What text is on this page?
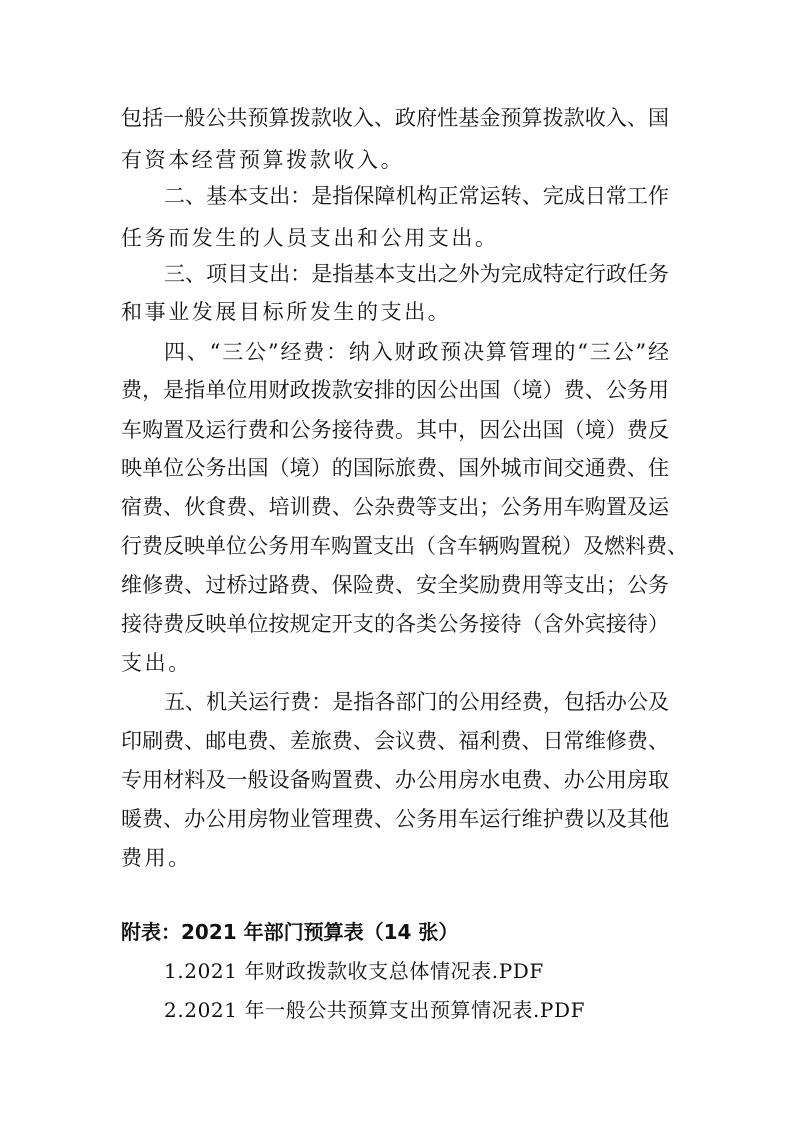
包括一般公共预算拨款收入、政府性基金预算拨款收入、国
有资本经营预算拨款收入。
二、基本支出：是指保障机构正常运转、完成日常工作
任务而发生的人员支出和公用支出。
三、项目支出：是指基本支出之外为完成特定行政任务
和事业发展目标所发生的支出。
四、“三公”经费：纳入财政预决算管理的“三公”经
费，是指单位用财政拨款安排的因公出国（境）费、公务用
车购置及运行费和公务接待费。其中，因公出国（境）费反
映单位公务出国（境）的国际旅费、国外城市间交通费、住
宿费、伙食费、培训费、公杂费等支出；公务用车购置及运
行费反映单位公务用车购置支出（含车辆购置税）及燃料费、
维修费、过桥过路费、保险费、安全奖励费用等支出；公务
接待费反映单位按规定开支的各类公务接待（含外宾接待）
支出。
五、机关运行费：是指各部门的公用经费，包括办公及
印刷费、邮电费、差旅费、会议费、福利费、日常维修费、
专用材料及一般设备购置费、办公用房水电费、办公用房取
暖费、办公用房物业管理费、公务用车运行维护费以及其他
费用。
附表：2021 年部门预算表（14 张）
1.2021 年财政拨款收支总体情况表.PDF
2.2021 年一般公共预算支出预算情况表.PDF
